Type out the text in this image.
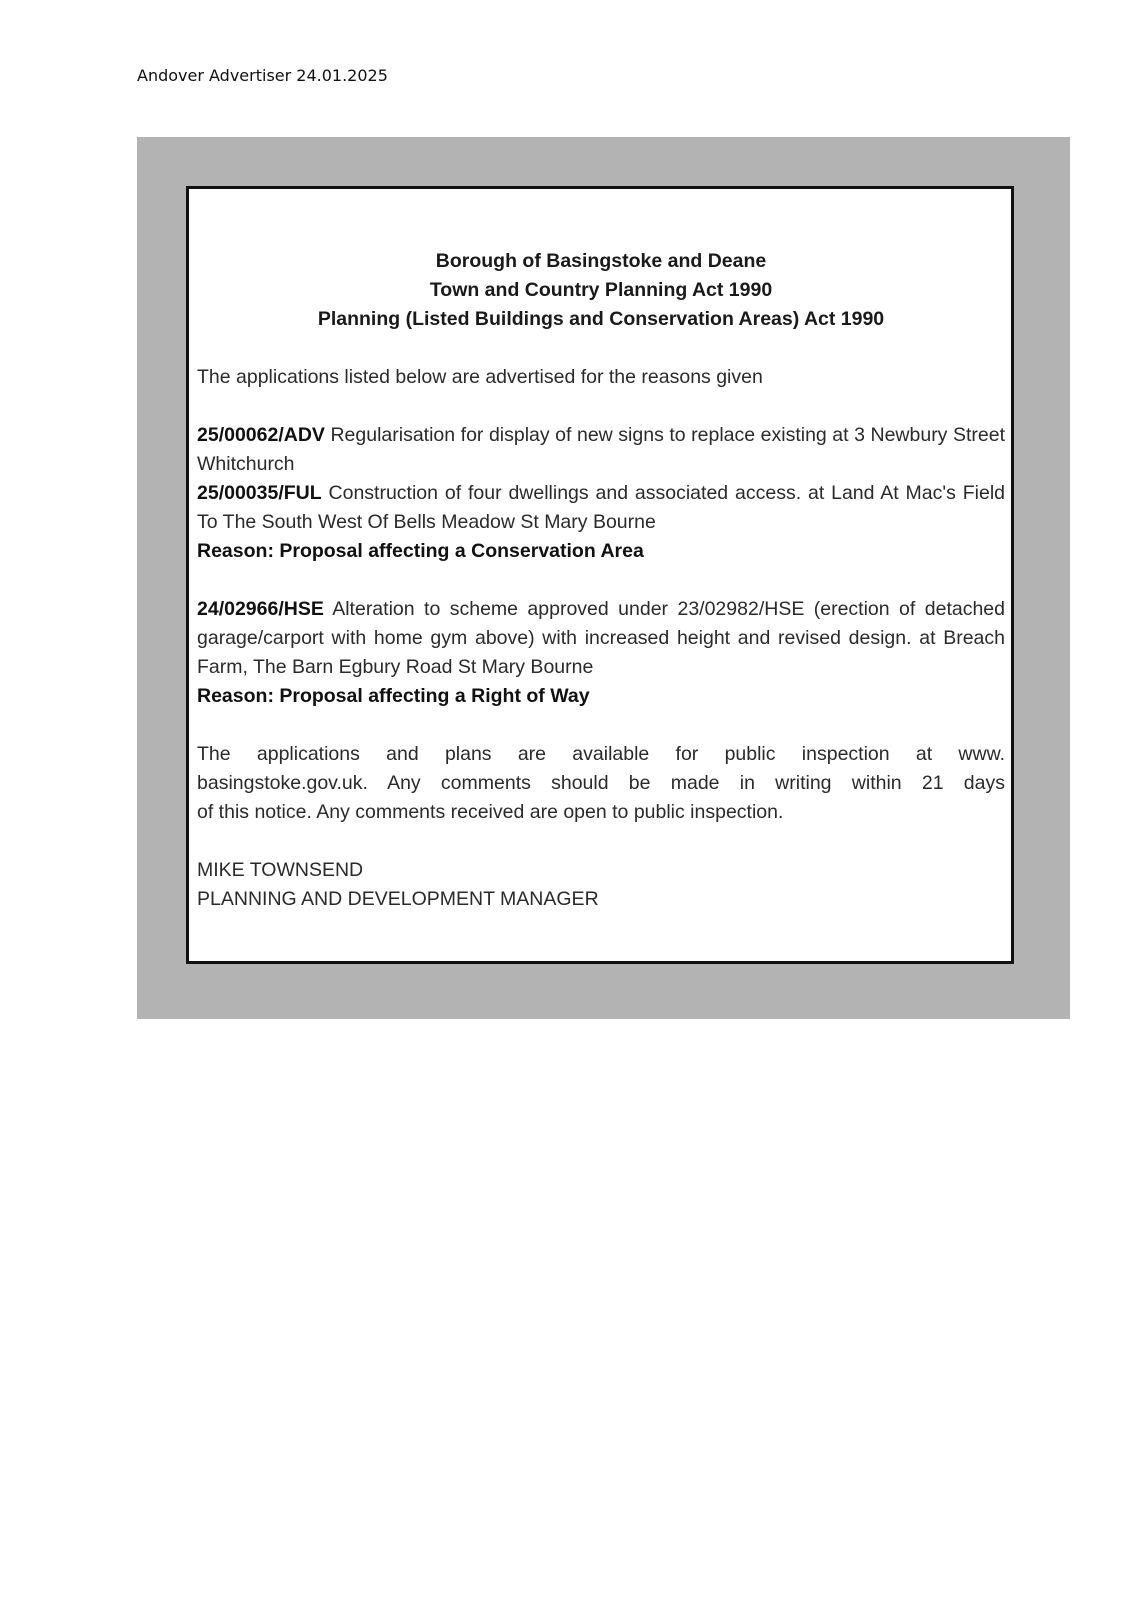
Andover Advertiser 24.01.2025
Borough of Basingstoke and Deane
Town and Country Planning Act 1990
Planning (Listed Buildings and Conservation Areas) Act 1990
The applications listed below are advertised for the reasons given
25/00062/ADV Regularisation for display of new signs to replace existing at 3 Newbury Street Whitchurch
25/00035/FUL Construction of four dwellings and associated access. at Land At Mac's Field To The South West Of Bells Meadow St Mary Bourne
Reason: Proposal affecting a Conservation Area
24/02966/HSE Alteration to scheme approved under 23/02982/HSE (erection of detached garage/carport with home gym above) with increased height and revised design. at Breach Farm, The Barn Egbury Road St Mary Bourne
Reason: Proposal affecting a Right of Way
The applications and plans are available for public inspection at www.
basingstoke.gov.uk. Any comments should be made in writing within 21 days
of this notice. Any comments received are open to public inspection.
MIKE TOWNSEND
PLANNING AND DEVELOPMENT MANAGER
